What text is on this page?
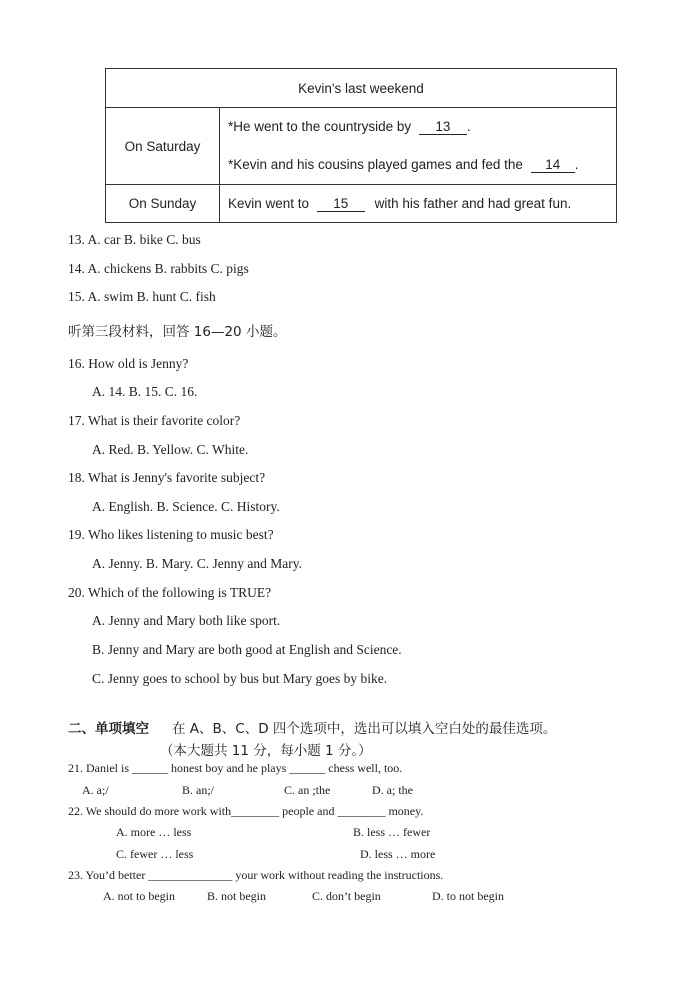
Kevin's last weekend	
On Saturday	*He went to the countryside by 13 .
*Kevin and his cousins played games and fed the 14 .

On Sunday	Kevin went to 15 with his father and had great fun.
13. A. car B. bike C. bus
14. A. chickens B. rabbits C. pigs
15. A. swim B. hunt C. fish
听第三段材料，回答 16—20 小题。
16. How old is Jenny?
A. 14. B. 15. C. 16.
17. What is their favorite color?
A. Red. B. Yellow. C. White.
18. What is Jenny's favorite subject?
A. English. B. Science. C. History.
19. Who likes listening to music best?
A. Jenny. B. Mary. C. Jenny and Mary.
20. Which of the following is TRUE?
A. Jenny and Mary both like sport.
B. Jenny and Mary are both good at English and Science.
C. Jenny goes to school by bus but Mary goes by bike.
二、单项填空 在 A、B、C、D 四个选项中，选出可以填入空白处的最佳选项。
（本大题共 11 分，每小题 1 分。）
21. Daniel is ______ honest boy and he plays ______ chess well, too.
A. a;/	B. an;/	C. an ;the	D. a; the
22. We should do more work with________ people and ________ money.
A. more … less	B. less … fewer
C. fewer … less	D. less … more
23. You’d better ______________ your work without reading the instructions.
A. not to begin	B. not begin	C. don’t begin	D. to not begin
